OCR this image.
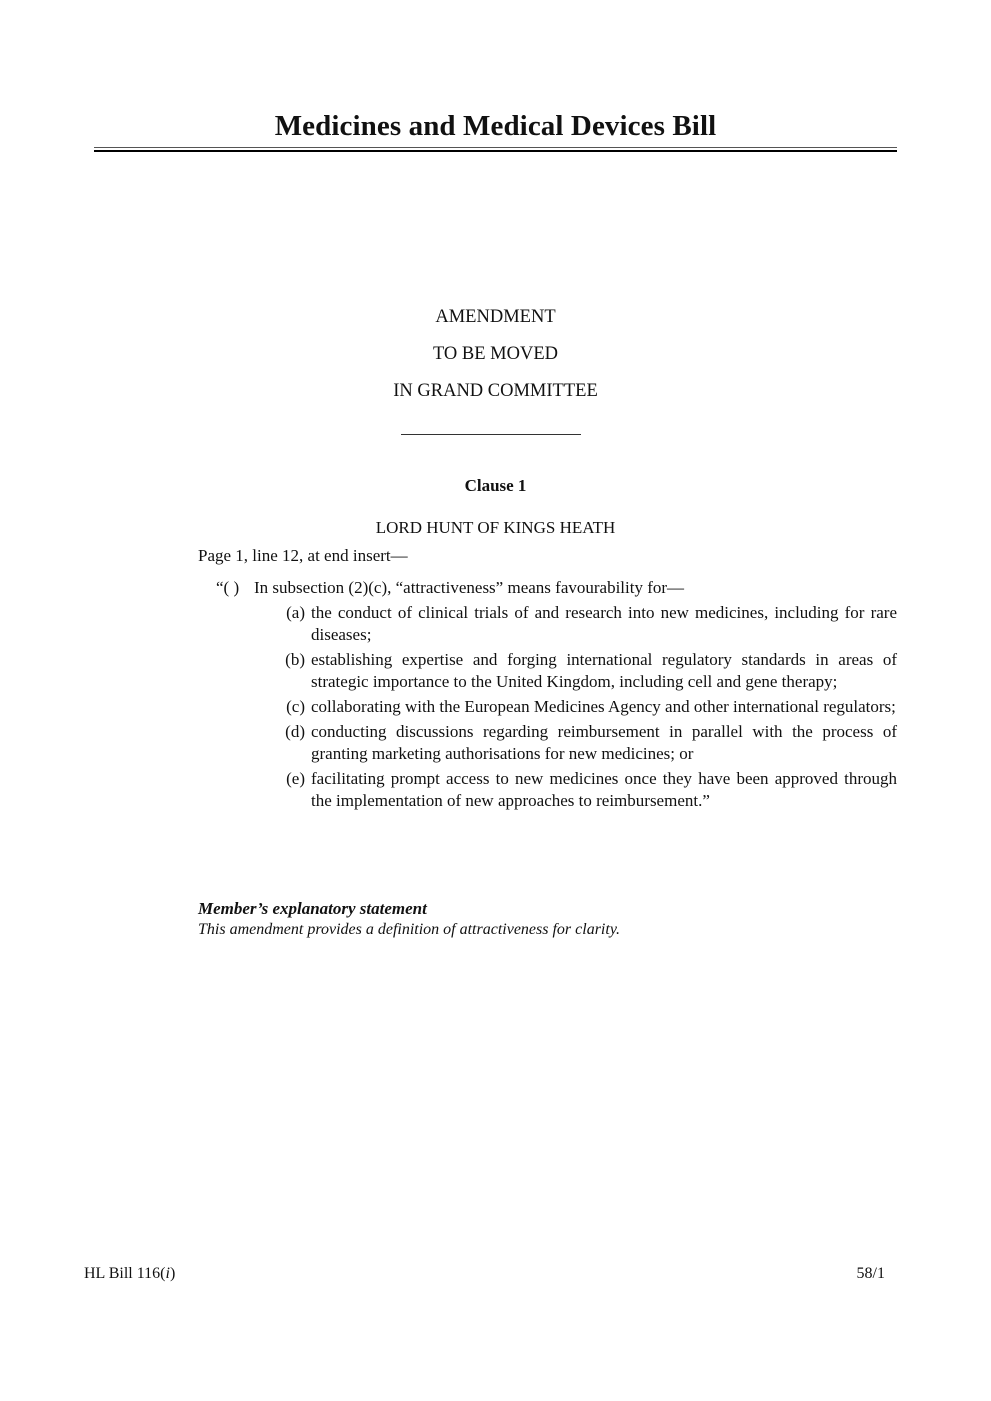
Medicines and Medical Devices Bill
AMENDMENT
TO BE MOVED
IN GRAND COMMITTEE
Clause 1
LORD HUNT OF KINGS HEATH
Page 1, line 12, at end insert—
“( ) In subsection (2)(c), “attractiveness” means favourability for—
(a) the conduct of clinical trials of and research into new medicines, including for rare diseases;
(b) establishing expertise and forging international regulatory standards in areas of strategic importance to the United Kingdom, including cell and gene therapy;
(c) collaborating with the European Medicines Agency and other international regulators;
(d) conducting discussions regarding reimbursement in parallel with the process of granting marketing authorisations for new medicines; or
(e) facilitating prompt access to new medicines once they have been approved through the implementation of new approaches to reimbursement.”
Member’s explanatory statement
This amendment provides a definition of attractiveness for clarity.
HL Bill 116(i)	58/1
